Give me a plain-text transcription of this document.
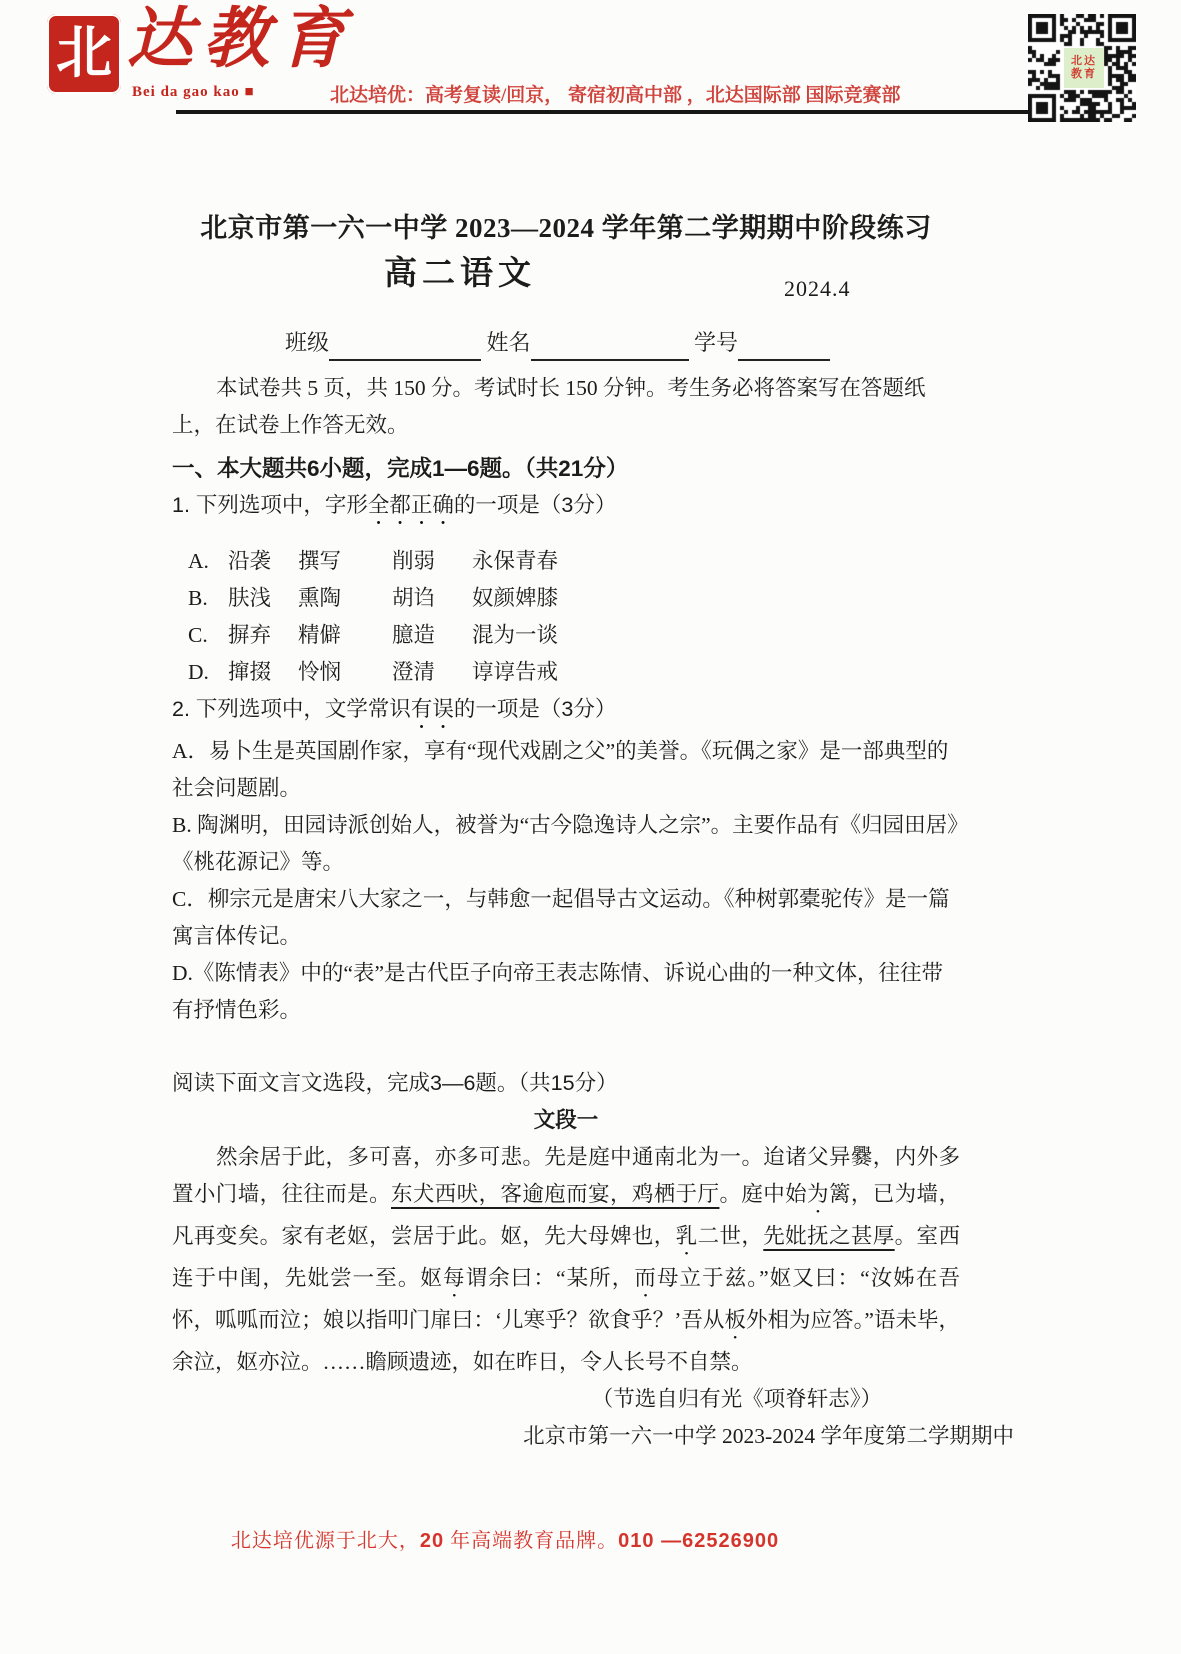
北 达教育
Bei da gao kao ■	北达培优：高考复读/回京， 寄宿初高中部 ，北达国际部 国际竞赛部
北达
教育
北京市第一六一中学 2023—2024 学年第二学期期中阶段练习
高二语文	2024.4
班级	姓名	学号

本试卷共 5 页，共 150 分。考试时长 150 分钟。考生务必将答案写在答题纸上，在试卷上作答无效。

一、本大题共6小题，完成1—6题。（共21分）
1. 下列选项中，字形全都正确的一项是（3分）
A. 沿袭	撰写	削弱	永保青春
B. 肤浅	熏陶	胡诌	奴颜婢膝
C. 摒弃	精僻	臆造	混为一谈
D. 撺掇	怜悯	澄清	谆谆告戒
2. 下列选项中，文学常识有误的一项是（3分）

A．易卜生是英国剧作家，享有“现代戏剧之父”的美誉。《玩偶之家》是一部典型的社会问题剧。

B. 陶渊明，田园诗派创始人，被誉为“古今隐逸诗人之宗”。主要作品有《归园田居》《桃花源记》等。

C．柳宗元是唐宋八大家之一，与韩愈一起倡导古文运动。《种树郭橐驼传》是一篇寓言体传记。

D.《陈情表》中的“表”是古代臣子向帝王表志陈情、诉说心曲的一种文体，往往带有抒情色彩。

阅读下面文言文选段，完成3—6题。（共15分）
文段一

然余居于此，多可喜，亦多可悲。先是庭中通南北为一。迨诸父异爨，内外多置小门墙，往往而是。东犬西吠，客逾庖而宴，鸡栖于厅。庭中始为篱，已为墙，凡再变矣。家有老妪，尝居于此。妪，先大母婢也，乳二世，先妣抚之甚厚。室西连于中闺，先妣尝一至。妪每谓余曰：“某所，而母立于兹。”妪又曰：“汝姊在吾怀，呱呱而泣；娘以指叩门扉曰：‘儿寒乎？欲食乎？’吾从板外相为应答。”语未毕，余泣，妪亦泣。……瞻顾遗迹，如在昨日，令人长号不自禁。

（节选自归有光《项脊轩志》）
北京市第一六一中学 2023-2024 学年度第二学期期中
北达培优源于北大，20 年高端教育品牌。010 —62526900
